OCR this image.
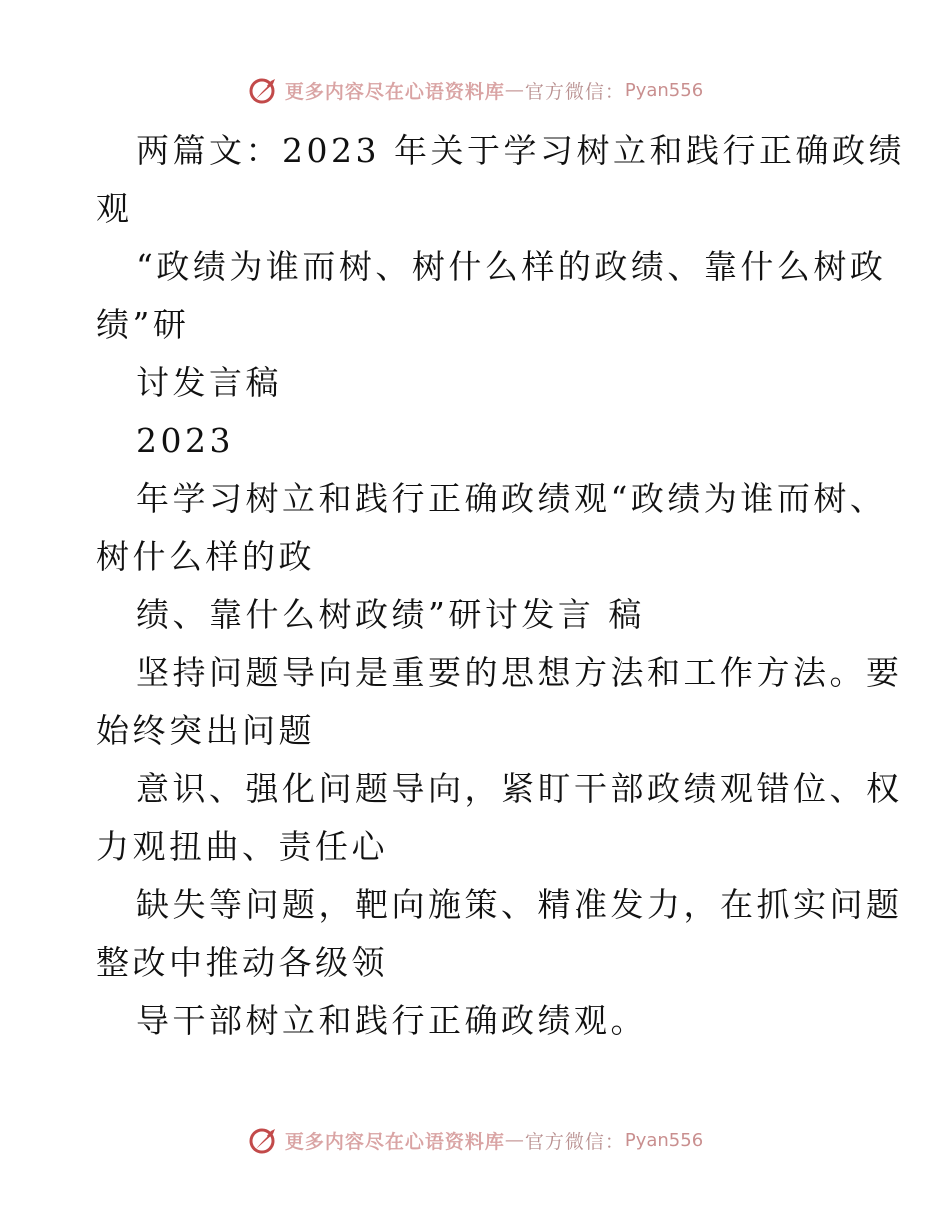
更多内容尽在心语资料库 — 官方微信： Pyan556
两篇文：2023 年关于学习树立和践行正确政绩
观
“政绩为谁而树、树什么样的政绩、靠什么树政
绩”研
讨发言稿
2023
年学习树立和践行正确政绩观“政绩为谁而树、
树什么样的政
绩、靠什么树政绩”研讨发言 稿
坚持问题导向是重要的思想方法和工作方法。要
始终突出问题
意识、强化问题导向，紧盯干部政绩观错位、权
力观扭曲、责任心
缺失等问题，靶向施策、精准发力，在抓实问题
整改中推动各级领
导干部树立和践行正确政绩观。
更多内容尽在心语资料库 — 官方微信： Pyan556
